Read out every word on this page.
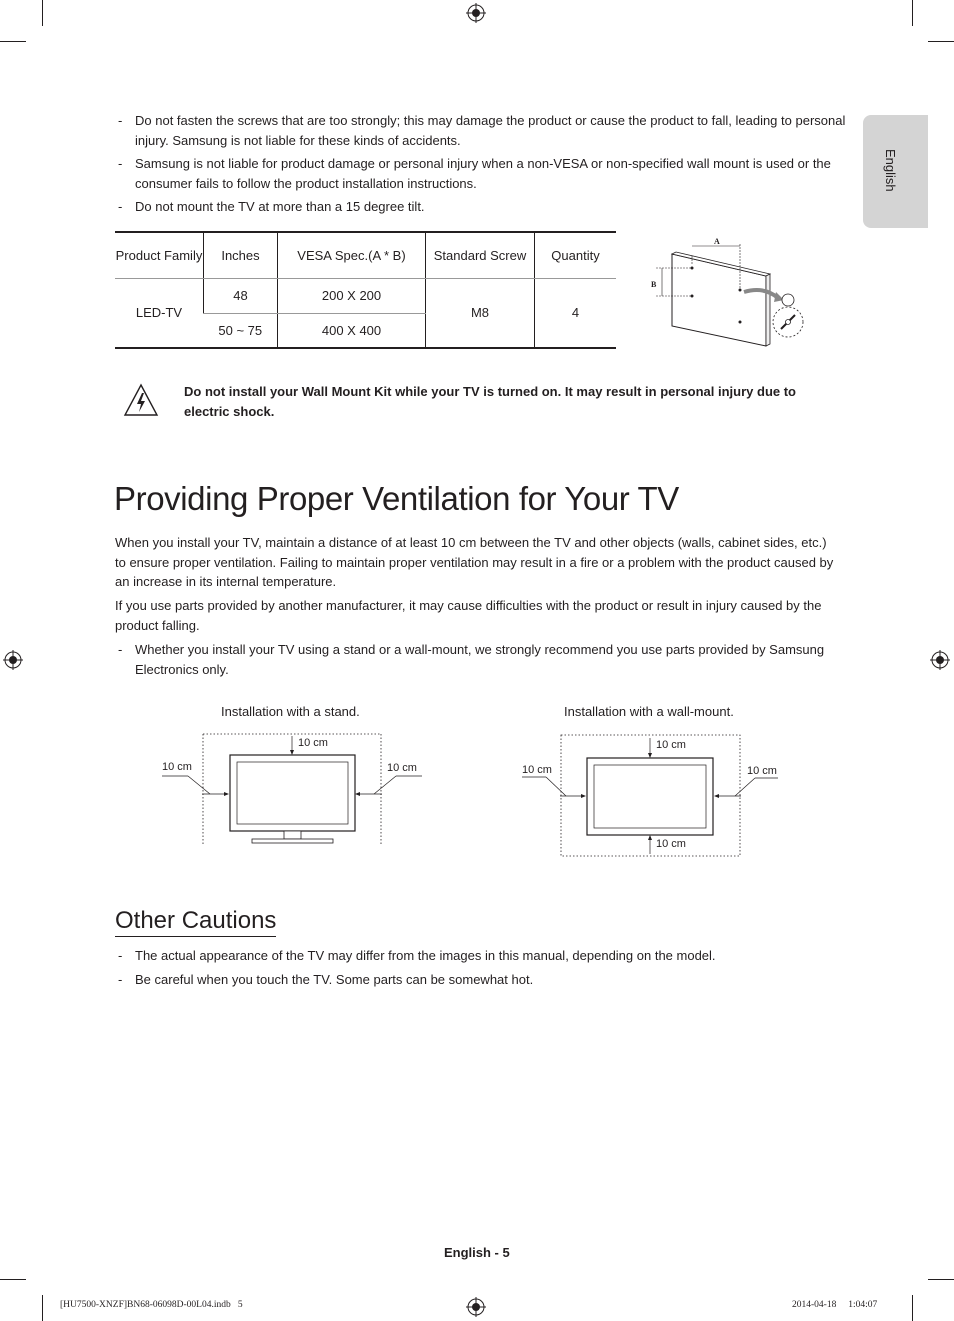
English
- Do not fasten the screws that are too strongly; this may damage the product or cause the product to fall, leading to personal injury. Samsung is not liable for these kinds of accidents.
- Samsung is not liable for product damage or personal injury when a non-VESA or non-specified wall mount is used or the consumer fails to follow the product installation instructions.
- Do not mount the TV at more than a 15 degree tilt.
Product Family	Inches	VESA Spec.(A * B)	Standard Screw	Quantity
LED-TV	48	200 X 200	M8	4
	50 ~ 75	400 X 400		
A
B
Do not install your Wall Mount Kit while your TV is turned on. It may result in personal injury due to electric shock.
Providing Proper Ventilation for Your TV
When you install your TV, maintain a distance of at least 10 cm between the TV and other objects (walls, cabinet sides, etc.) to ensure proper ventilation. Failing to maintain proper ventilation may result in a fire or a problem with the product caused by an increase in its internal temperature.
If you use parts provided by another manufacturer, it may cause difficulties with the product or result in injury caused by the product falling.
- Whether you install your TV using a stand or a wall-mount, we strongly recommend you use parts provided by Samsung Electronics only.
Installation with a stand.
10 cm
10 cm	10 cm
Installation with a wall-mount.
10 cm
10 cm	10 cm
10 cm
Other Cautions
- The actual appearance of the TV may differ from the images in this manual, depending on the model.
- Be careful when you touch the TV. Some parts can be somewhat hot.
English - 5
[HU7500-XNZF]BN68-06098D-00L04.indb   5	2014-04-18     1:04:07
